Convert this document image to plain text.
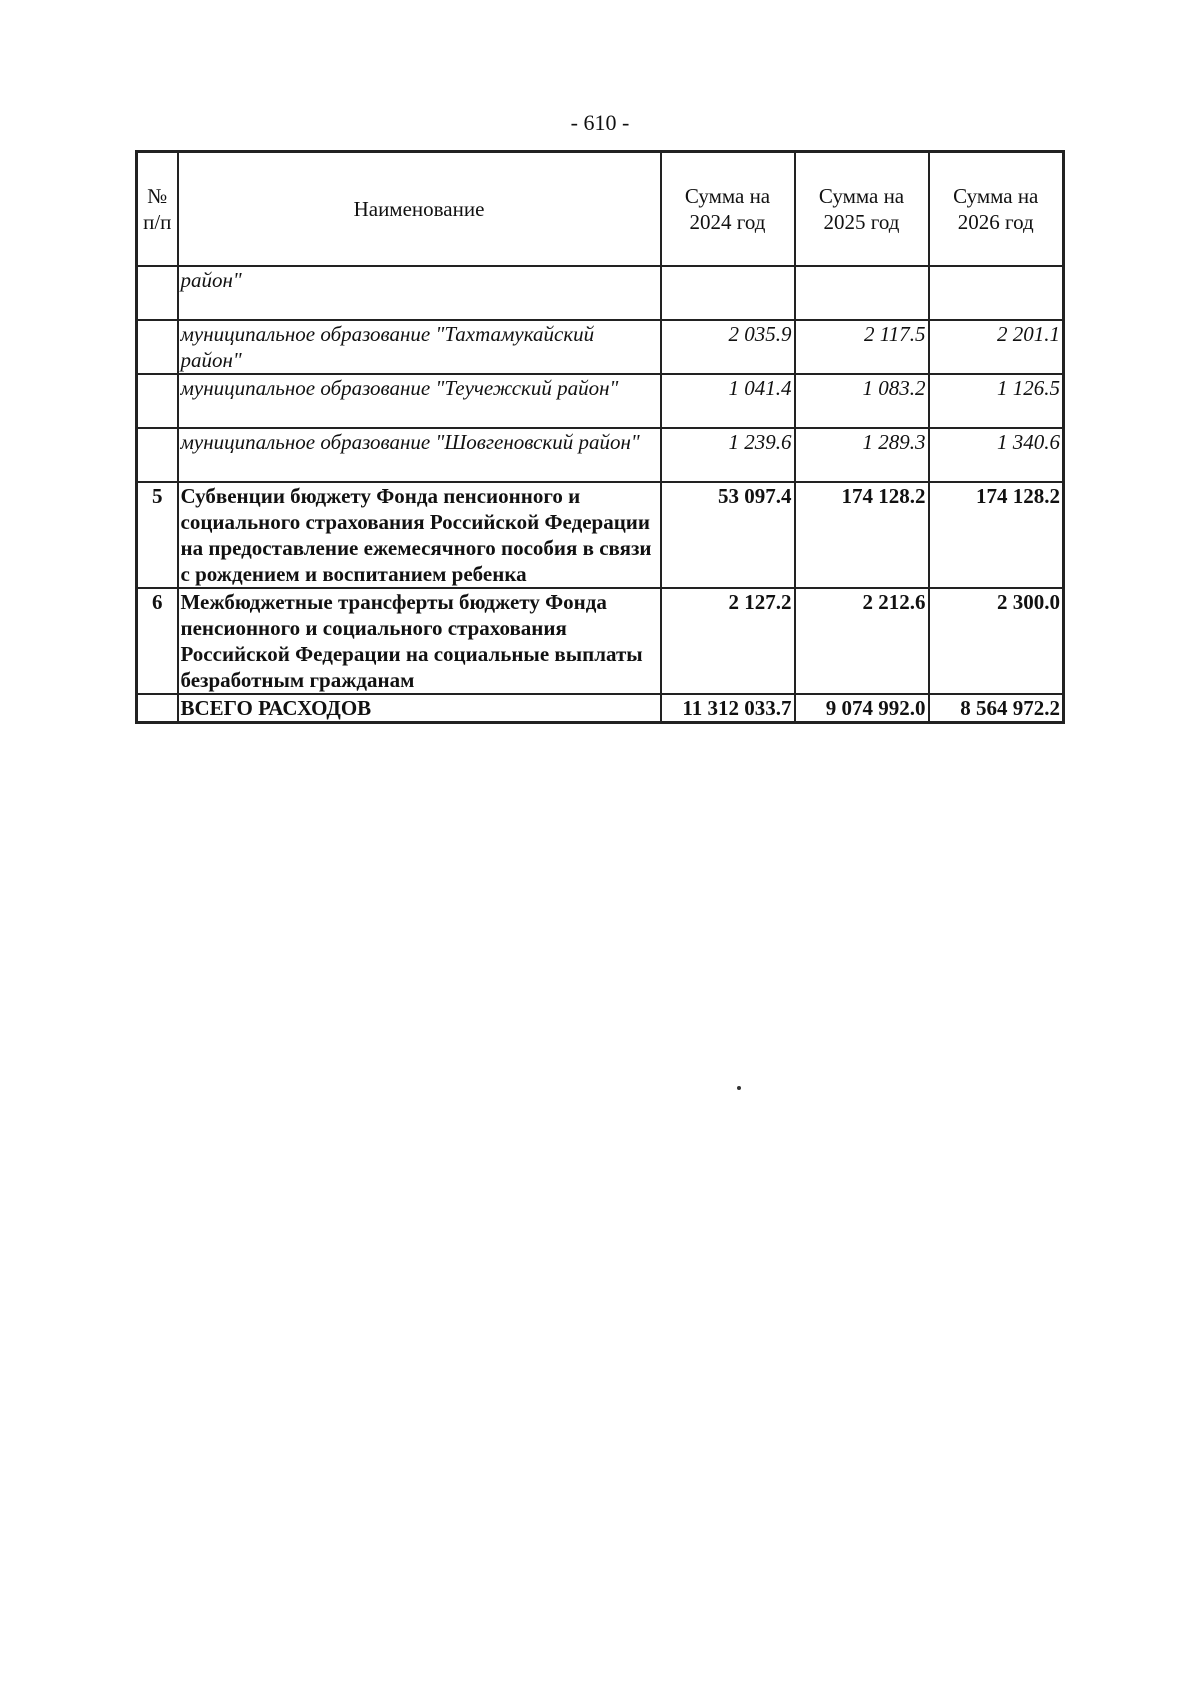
- 610 -
№ п/п	Наименование	Сумма на 2024 год	Сумма на 2025 год	Сумма на 2026 год
	район"			
	муниципальное образование "Тахтамукайский район"	2 035.9	2 117.5	2 201.1
	муниципальное образование "Теучежский район"	1 041.4	1 083.2	1 126.5
	муниципальное образование "Шовгеновский район"	1 239.6	1 289.3	1 340.6
5	Субвенции бюджету Фонда пенсионного и социального страхования Российской Федерации на предоставление ежемесячного пособия в связи с рождением и воспитанием ребенка	53 097.4	174 128.2	174 128.2
6	Межбюджетные трансферты бюджету Фонда пенсионного и социального страхования Российской Федерации на социальные выплаты безработным гражданам	2 127.2	2 212.6	2 300.0
	ВСЕГО РАСХОДОВ	11 312 033.7	9 074 992.0	8 564 972.2
